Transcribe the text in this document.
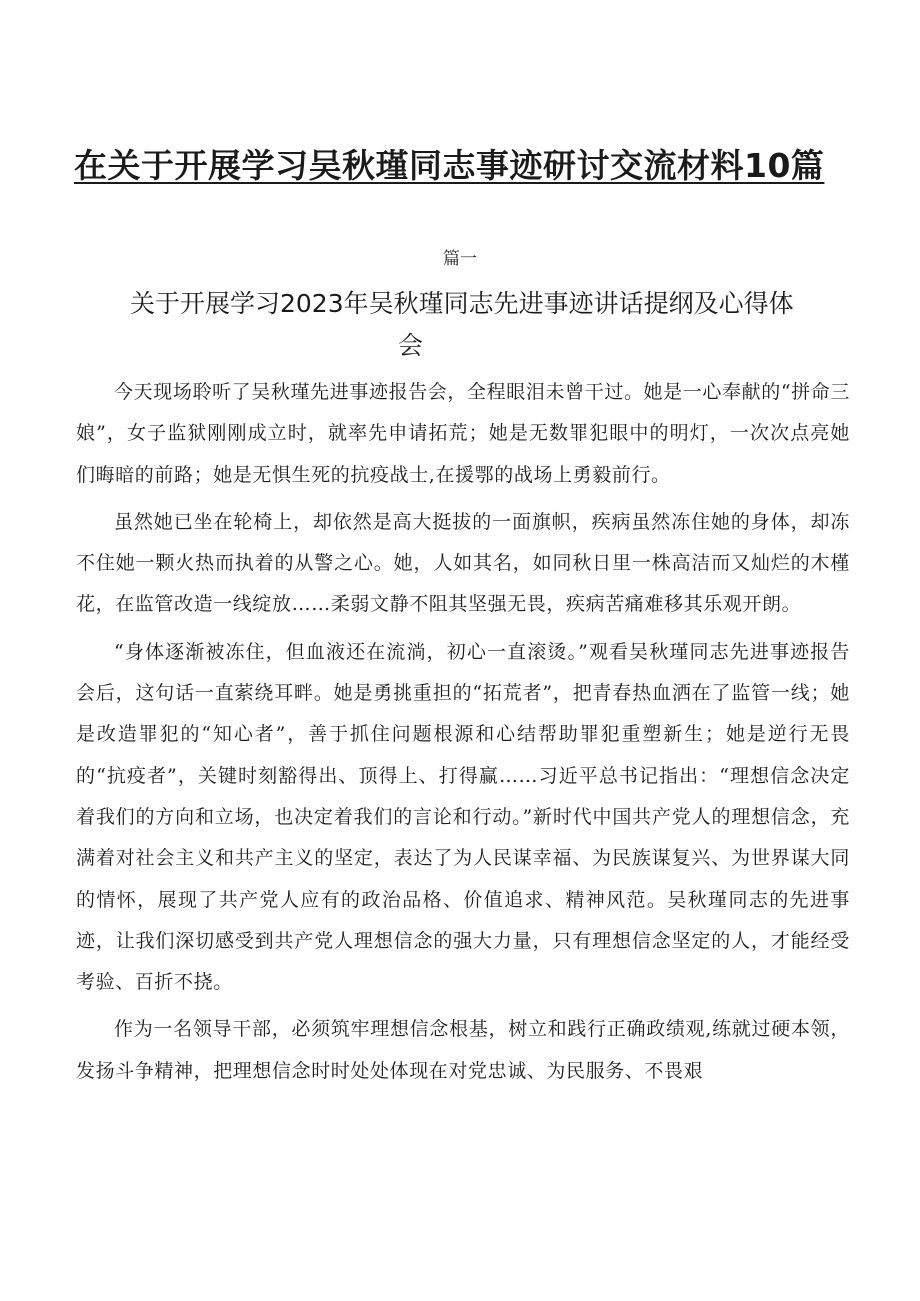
在关于开展学习吴秋瑾同志事迹研讨交流材料10篇
篇一
关于开展学习2023年吴秋瑾同志先进事迹讲话提纲及心得体
会

今天现场聆听了吴秋瑾先进事迹报告会，全程眼泪未曾干过。她是一心奉献的“拼命三娘”，女子监狱刚刚成立时，就率先申请拓荒；她是无数罪犯眼中的明灯，一次次点亮她们晦暗的前路；她是无惧生死的抗疫战士,在援鄂的战场上勇毅前行。

虽然她已坐在轮椅上，却依然是高大挺拔的一面旗帜，疾病虽然冻住她的身体，却冻不住她一颗火热而执着的从警之心。她，人如其名，如同秋日里一株高洁而又灿烂的木槿花，在监管改造一线绽放……柔弱文静不阻其坚强无畏，疾病苦痛难移其乐观开朗。

“身体逐渐被冻住，但血液还在流淌，初心一直滚烫。”观看吴秋瑾同志先进事迹报告会后，这句话一直萦绕耳畔。她是勇挑重担的“拓荒者”，把青春热血洒在了监管一线；她是改造罪犯的“知心者”，善于抓住问题根源和心结帮助罪犯重塑新生；她是逆行无畏的“抗疫者”，关键时刻豁得出、顶得上、打得赢……习近平总书记指出：“理想信念决定着我们的方向和立场，也决定着我们的言论和行动。”新时代中国共产党人的理想信念，充满着对社会主义和共产主义的坚定，表达了为人民谋幸福、为民族谋复兴、为世界谋大同的情怀，展现了共产党人应有的政治品格、价值追求、精神风范。吴秋瑾同志的先进事迹，让我们深切感受到共产党人理想信念的强大力量，只有理想信念坚定的人，才能经受考验、百折不挠。

作为一名领导干部，必须筑牢理想信念根基，树立和践行正确政绩观,练就过硬本领，发扬斗争精神，把理想信念时时处处体现在对党忠诚、为民服务、不畏艰
